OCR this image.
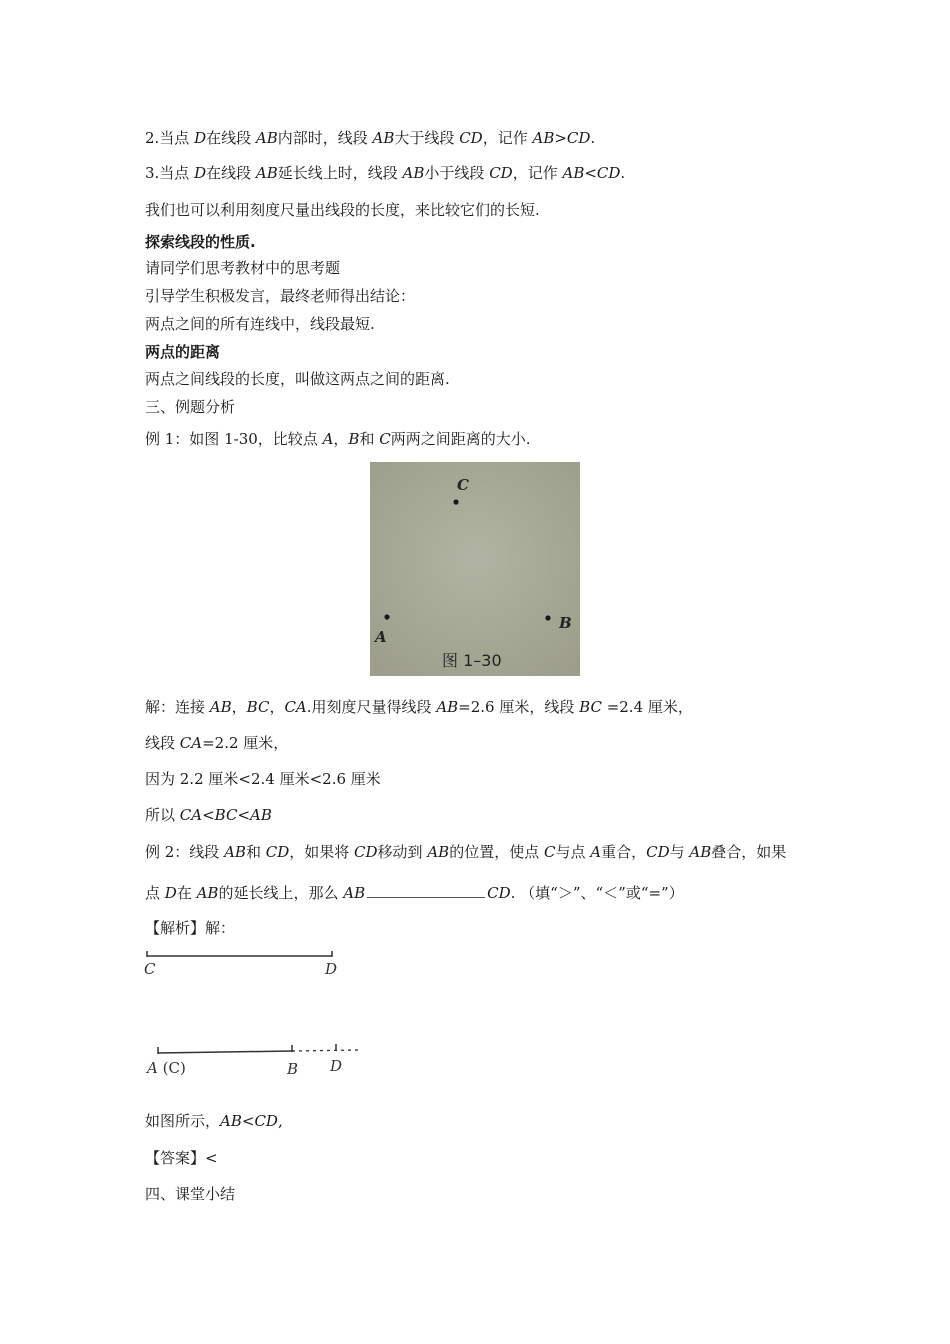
2.当点 D在线段 AB内部时，线段 AB大于线段 CD，记作 AB>CD.
3.当点 D在线段 AB延长线上时，线段 AB小于线段 CD，记作 AB<CD.
我们也可以利用刻度尺量出线段的长度，来比较它们的长短.
探索线段的性质.
请同学们思考教材中的思考题
引导学生积极发言，最终老师得出结论：
两点之间的所有连线中，线段最短.
两点的距离
两点之间线段的长度，叫做这两点之间的距离.
三、例题分析
例 1：如图 1-30，比较点 A，B和 C两两之间距离的大小.
C
A
B
图 1–30
解：连接 AB，BC，CA.用刻度尺量得线段 AB=2.6 厘米，线段 BC =2.4 厘米，
线段 CA=2.2 厘米，
因为 2.2 厘米<2.4 厘米<2.6 厘米
所以 CA<BC<AB
例 2：线段 AB和 CD，如果将 CD移动到 AB的位置，使点 C与点 A重合，CD与 AB叠合，如果
点 D在 AB的延长线上，那么 AB	CD. （填“＞”、“＜”或“=”）
【解析】解：
C	D
A (C)	B D
如图所示，AB<CD,
【答案】<
四、课堂小结
